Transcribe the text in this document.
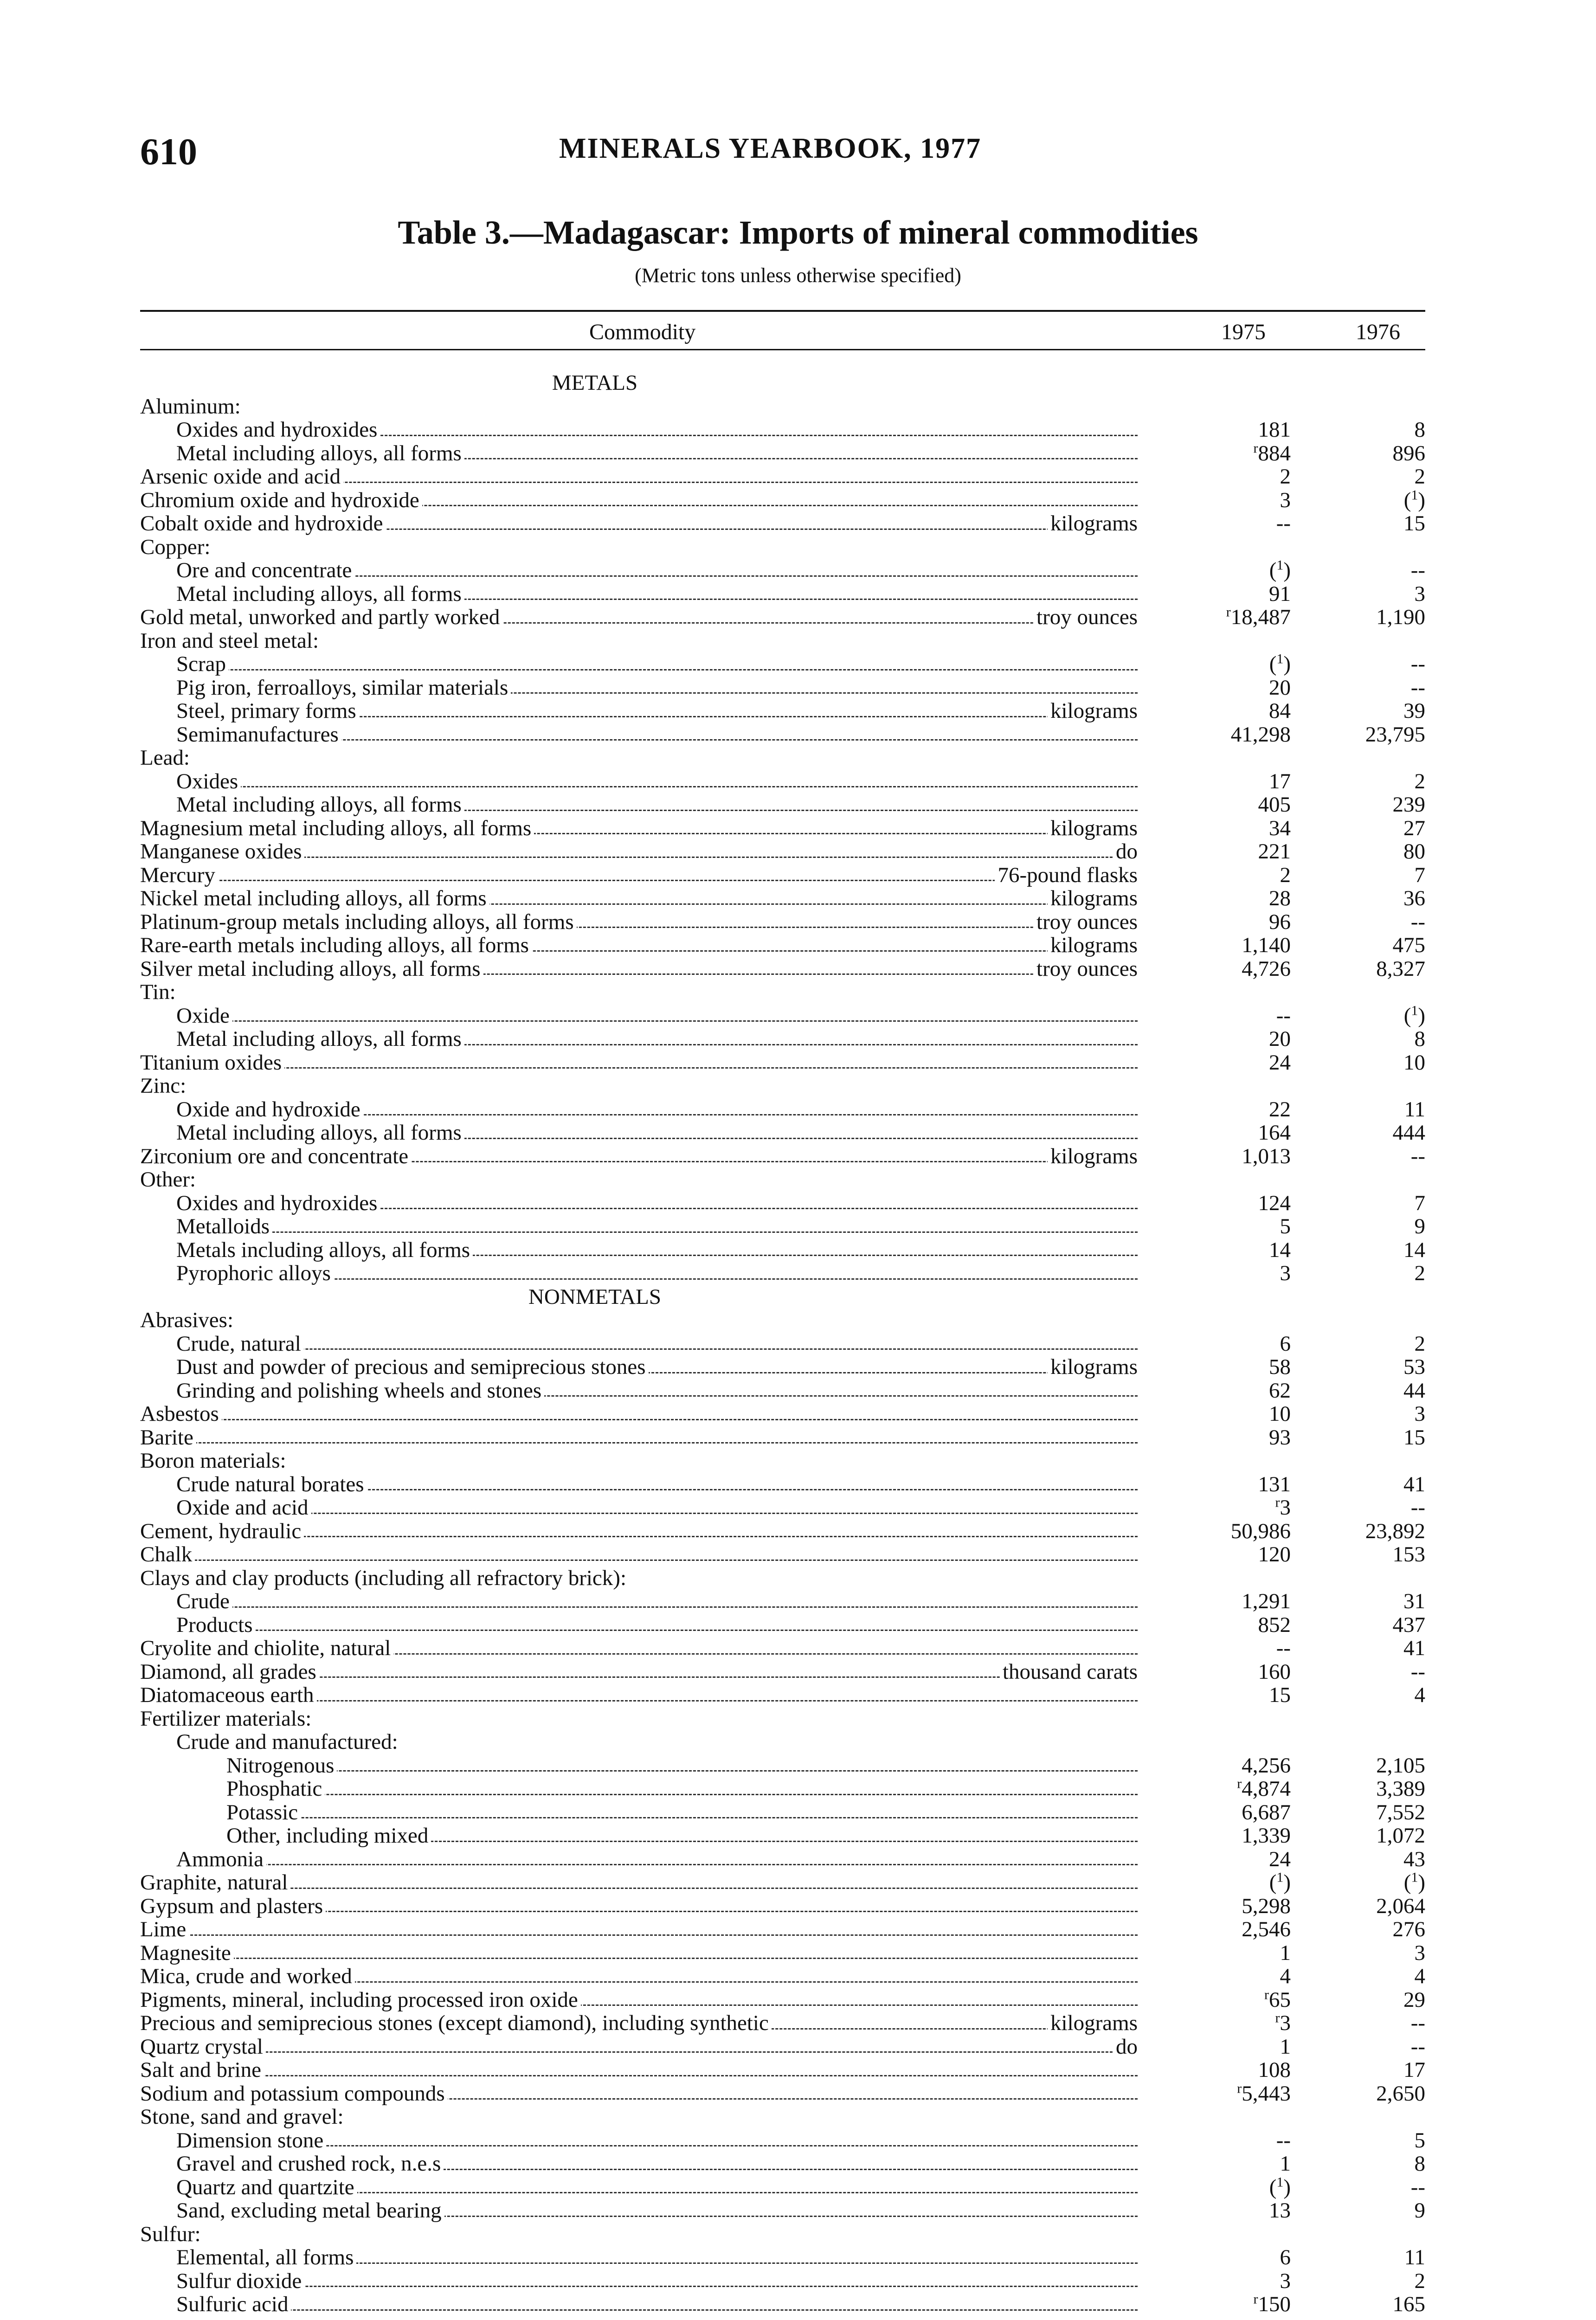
610	MINERALS YEARBOOK, 1977
Table 3.—Madagascar: Imports of mineral commodities
(Metric tons unless otherwise specified)
Commodity	1975	1976
METALS
Aluminum:
Oxides and hydroxides	181	8
Metal including alloys, all forms	$^r$884	896
Arsenic oxide and acid	2	2
Chromium oxide and hydroxide	3	($^1$)
Cobalt oxide and hydroxide	kilograms	--	15
Copper:
Ore and concentrate	($^1$)	--
Metal including alloys, all forms	91	3
Gold metal, unworked and partly worked	troy ounces	$^r$18,487	1,190
Iron and steel metal:
Scrap	($^1$)	--
Pig iron, ferroalloys, similar materials	20	--
Steel, primary forms	kilograms	84	39
Semimanufactures	41,298	23,795
Lead:
Oxides	17	2
Metal including alloys, all forms	405	239
Magnesium metal including alloys, all forms	kilograms	34	27
Manganese oxides	do	221	80
Mercury	76-pound flasks	2	7
Nickel metal including alloys, all forms	kilograms	28	36
Platinum-group metals including alloys, all forms	troy ounces	96	--
Rare-earth metals including alloys, all forms	kilograms	1,140	475
Silver metal including alloys, all forms	troy ounces	4,726	8,327
Tin:
Oxide	--	($^1$)
Metal including alloys, all forms	20	8
Titanium oxides	24	10
Zinc:
Oxide and hydroxide	22	11
Metal including alloys, all forms	164	444
Zirconium ore and concentrate	kilograms	1,013	--
Other:
Oxides and hydroxides	124	7
Metalloids	5	9
Metals including alloys, all forms	14	14
Pyrophoric alloys	3	2
NONMETALS
Abrasives:
Crude, natural	6	2
Dust and powder of precious and semiprecious stones	kilograms	58	53
Grinding and polishing wheels and stones	62	44
Asbestos	10	3
Barite	93	15
Boron materials:
Crude natural borates	131	41
Oxide and acid	$^r$3	--
Cement, hydraulic	50,986	23,892
Chalk	120	153
Clays and clay products (including all refractory brick):
Crude	1,291	31
Products	852	437
Cryolite and chiolite, natural	--	41
Diamond, all grades	thousand carats	160	--
Diatomaceous earth	15	4
Fertilizer materials:
Crude and manufactured:
Nitrogenous	4,256	2,105
Phosphatic	$^r$4,874	3,389
Potassic	6,687	7,552
Other, including mixed	1,339	1,072
Ammonia	24	43
Graphite, natural	($^1$)	($^1$)
Gypsum and plasters	5,298	2,064
Lime	2,546	276
Magnesite	1	3
Mica, crude and worked	4	4
Pigments, mineral, including processed iron oxide	$^r$65	29
Precious and semiprecious stones (except diamond), including synthetic	kilograms	$^r$3	--
Quartz crystal	do	1	--
Salt and brine	108	17
Sodium and potassium compounds	$^r$5,443	2,650
Stone, sand and gravel:
Dimension stone	--	5
Gravel and crushed rock, n.e.s	1	8
Quartz and quartzite	($^1$)	--
Sand, excluding metal bearing	13	9
Sulfur:
Elemental, all forms	6	11
Sulfur dioxide	3	2
Sulfuric acid	$^r$150	165
